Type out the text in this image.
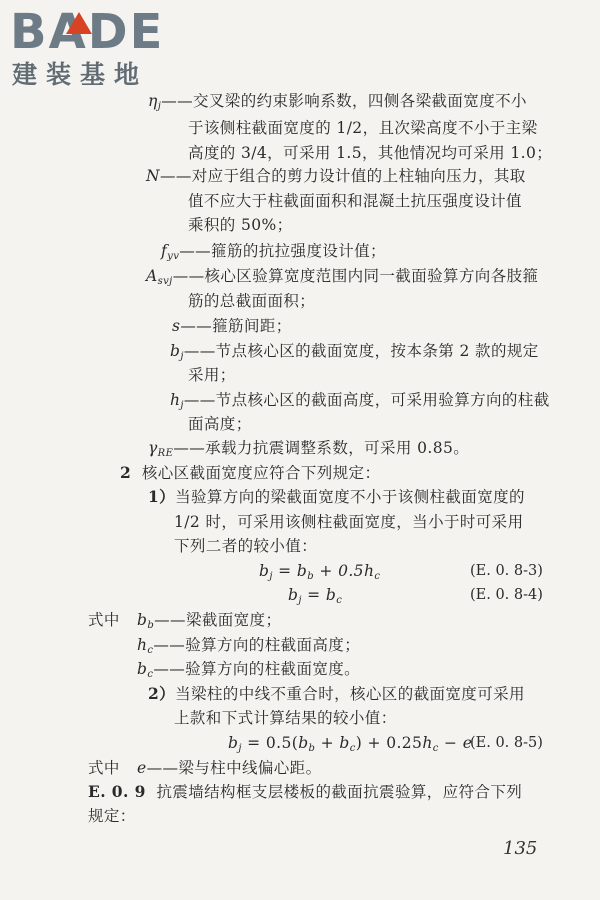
BADE
建装基地
$\eta_j——$交叉梁的约束影响系数，四侧各梁截面宽度不小
于该侧柱截面宽度的 1/2，且次梁高度不小于主梁
高度的 3/4，可采用 1.5，其他情况均可采用 1.0；
N——对应于组合的剪力设计值的上柱轴向压力，其取
值不应大于柱截面面积和混凝土抗压强度设计值
乘积的 50%；
$f_{yv}——$箍筋的抗拉强度设计值；
$A_{svj}——$核心区验算宽度范围内同一截面验算方向各肢箍
筋的总截面面积；
s——箍筋间距；
$b_j——$节点核心区的截面宽度，按本条第 2 款的规定
采用；
$h_j——$节点核心区的截面高度，可采用验算方向的柱截
面高度；
$\gamma_{RE}——$承载力抗震调整系数，可采用 0.85。
2 核心区截面宽度应符合下列规定：
1）当验算方向的梁截面宽度不小于该侧柱截面宽度的
1/2 时，可采用该侧柱截面宽度，当小于时可采用
下列二者的较小值：
$b_j = b_b + 0.5h_c$	(E. 0. 8-3)
$b_j = b_c$	(E. 0. 8-4)
式中 $b_b——$梁截面宽度；
$h_c——$验算方向的柱截面高度；
$b_c——$验算方向的柱截面宽度。
2）当梁柱的中线不重合时，核心区的截面宽度可采用
上款和下式计算结果的较小值：
$b_j = 0.5(b_b + b_c) + 0.25h_c - e$
(E. 0. 8-5)
式中 e——梁与柱中线偏心距。
E. 0. 9 抗震墙结构框支层楼板的截面抗震验算，应符合下列
规定：
135
